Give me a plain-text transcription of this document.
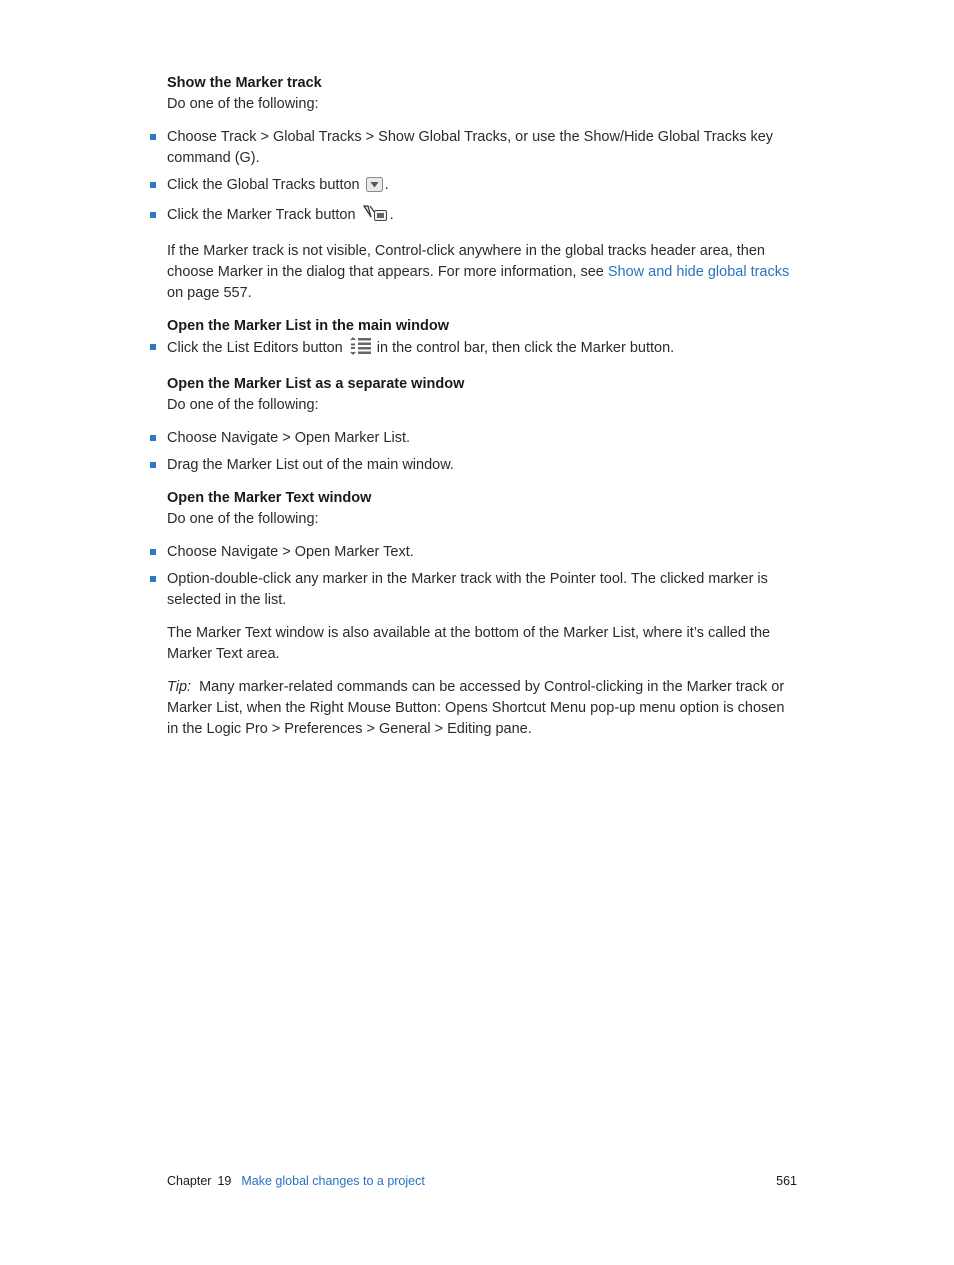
Show the Marker track

Do one of the following:

Choose Track > Global Tracks > Show Global Tracks, or use the Show/Hide Global Tracks key command (G).
Click the Global Tracks button .
Click the Marker Track button .

If the Marker track is not visible, Control-click anywhere in the global tracks header area, then choose Marker in the dialog that appears. For more information, see Show and hide global tracks on page 557.

Open the Marker List in the main window
Click the List Editors button  in the control bar, then click the Marker button.
Open the Marker List as a separate window

Do one of the following:

Choose Navigate > Open Marker List.
Drag the Marker List out of the main window.
Open the Marker Text window

Do one of the following:

Choose Navigate > Open Marker Text.
Option-double-click any marker in the Marker track with the Pointer tool. The clicked marker is selected in the list.

The Marker Text window is also available at the bottom of the Marker List, where it’s called the Marker Text area.

Tip:  Many marker-related commands can be accessed by Control-clicking in the Marker track or Marker List, when the Right Mouse Button: Opens Shortcut Menu pop-up menu option is chosen in the Logic Pro > Preferences > General > Editing pane.

Chapter 19 Make global changes to a project	561
